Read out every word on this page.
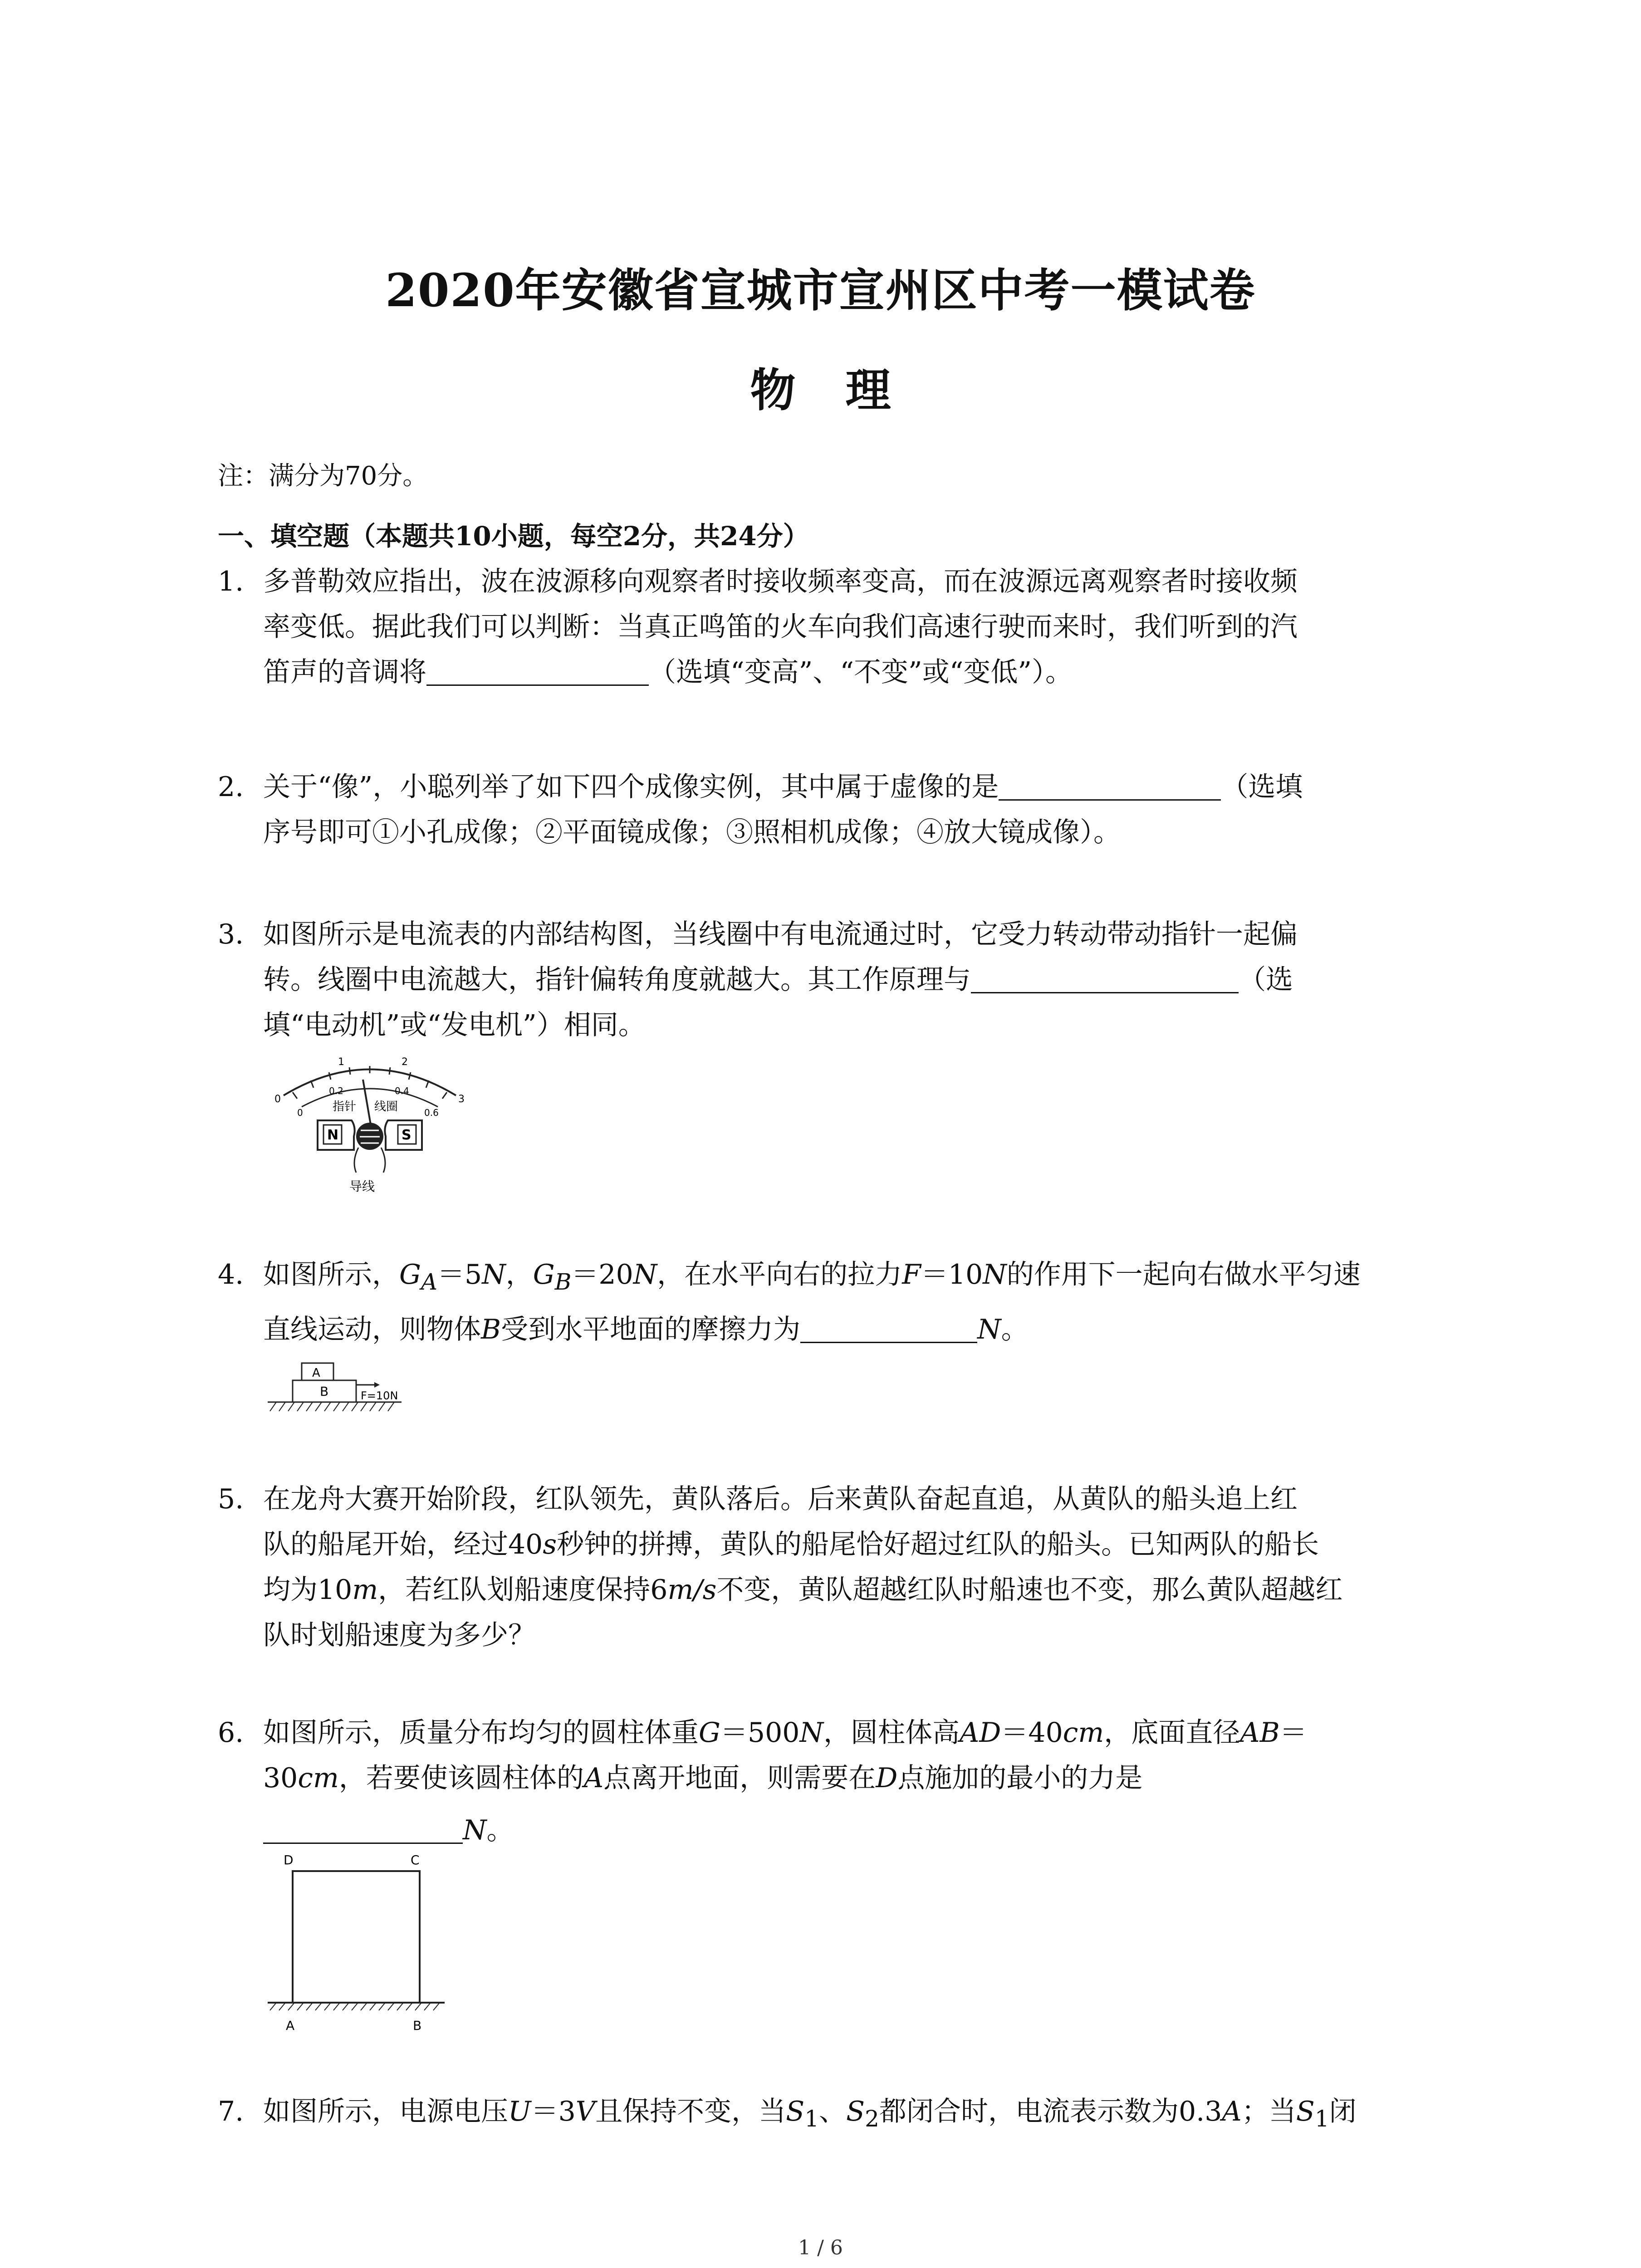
2020年安徽省宣城市宣州区中考一模试卷
物 理
注：满分为70分。
一、填空题（本题共10小题，每空2分，共24分）
1. 多普勒效应指出，波在波源移向观察者时接收频率变高，而在波源远离观察者时接收频
率变低。据此我们可以判断：当真正鸣笛的火车向我们高速行驶而来时，我们听到的汽
笛声的音调将	（选填“变高”、“不变”或“变低”）。
2. 关于“像”，小聪列举了如下四个成像实例，其中属于虚像的是	（选填
序号即可①小孔成像；②平面镜成像；③照相机成像；④放大镜成像）。
3. 如图所示是电流表的内部结构图，当线圈中有电流通过时，它受力转动带动指针一起偏
转。线圈中电流越大，指针偏转角度就越大。其工作原理与	（选
填“电动机”或“发电机”）相同。
0
1	2
3
0
0.2	0.4
0.6
指针 线圈
N	S
导线
4. 如图所示，$G_A=5N$，$G_B=20N$，在水平向右的拉力F＝10N的作用下一起向右做水平匀速
直线运动，则物体B受到水平地面的摩擦力为	N。
A
B	F=10N
5. 在龙舟大赛开始阶段，红队领先，黄队落后。后来黄队奋起直追，从黄队的船头追上红
队的船尾开始，经过40s秒钟的拼搏，黄队的船尾恰好超过红队的船头。已知两队的船长
均为10m，若红队划船速度保持6m/s不变，黄队超越红队时船速也不变，那么黄队超越红
队时划船速度为多少？
6. 如图所示，质量分布均匀的圆柱体重G＝500N，圆柱体高AD＝40cm，底面直径AB＝
30cm，若要使该圆柱体的A点离开地面，则需要在D点施加的最小的力是
N。
D	C
A	B
7. 如图所示，电源电压U＝3V且保持不变，当$S_1$、$S_2$都闭合时，电流表示数为0.3A；当$S_1$闭
1 / 6
